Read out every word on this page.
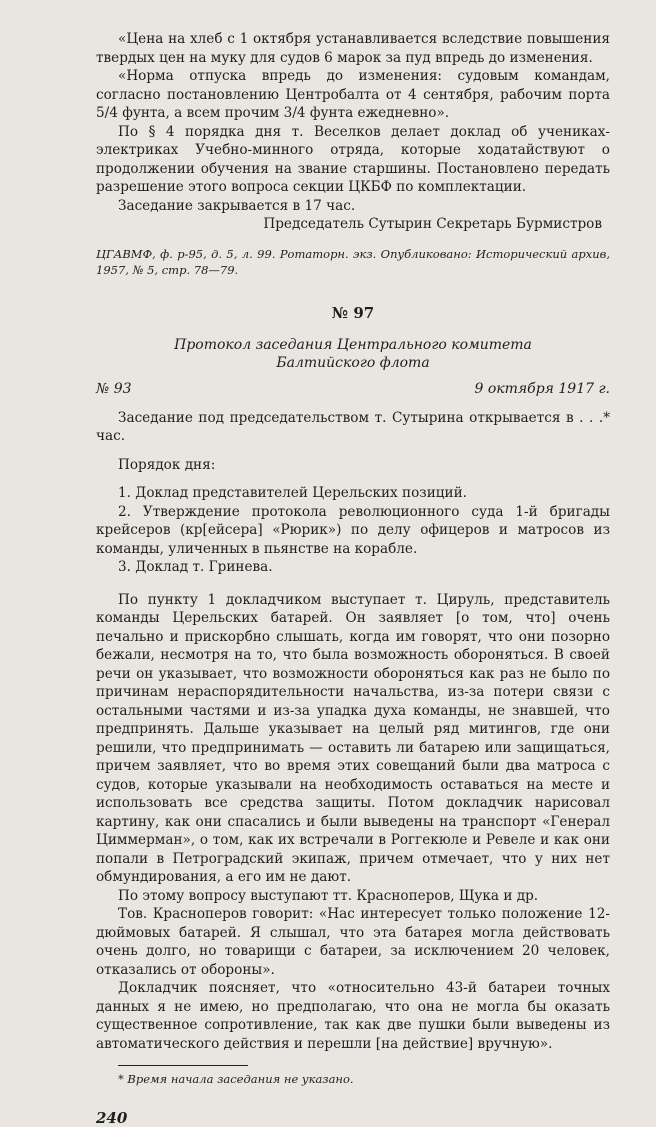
«Цена на хлеб с 1 октября устанавливается вследствие повышения твердых цен на муку для судов 6 марок за пуд впредь до изменения.

«Норма отпуска впредь до изменения: судовым командам, согласно постановлению Центробалта от 4 сентября, рабочим порта 5/4 фунта, а всем прочим 3/4 фунта ежедневно».

По § 4 порядка дня т. Веселков делает доклад об учениках-электриках Учебно-минного отряда, которые ходатайствуют о продолжении обучения на звание старшины. Постановлено передать разрешение этого вопроса секции ЦКБФ по комплектации.

Заседание закрывается в 17 час.

Председатель Сутырин Секретарь Бурмистров

ЦГАВМФ, ф. р-95, д. 5, л. 99. Ротаторн. экз. Опубликовано: Исторический архив, 1957, № 5, стр. 78—79.

№ 97
Протокол заседания Центрального комитета
Балтийского флота
№ 93	9 октября 1917 г.

Заседание под председательством т. Сутырина открывается в . . .* час.

Порядок дня:

1. Доклад представителей Церельских позиций.

2. Утверждение протокола революционного суда 1-й бригады крейсеров (кр[ейсера] «Рюрик») по делу офицеров и матросов из команды, уличенных в пьянстве на корабле.

3. Доклад т. Гринева.

По пункту 1 докладчиком выступает т. Цируль, представитель команды Церельских батарей. Он заявляет [о том, что] очень печально и прискорбно слышать, когда им говорят, что они позорно бежали, несмотря на то, что была возможность обороняться. В своей речи он указывает, что возможности обороняться как раз не было по причинам нераспорядительности начальства, из-за потери связи с остальными частями и из-за упадка духа команды, не знавшей, что предпринять. Дальше указывает на целый ряд митингов, где они решили, что предпринимать — оставить ли батарею или защищаться, причем заявляет, что во время этих совещаний были два матроса с судов, которые указывали на необходимость оставаться на месте и использовать все средства защиты. Потом докладчик нарисовал картину, как они спасались и были выведены на транспорт «Генерал Циммерман», о том, как их встречали в Роггекюле и Ревеле и как они попали в Петроградский экипаж, причем отмечает, что у них нет обмундирования, а его им не дают.

По этому вопросу выступают тт. Красноперов, Щука и др.

Тов. Красноперов говорит: «Нас интересует только положение 12-дюймовых батарей. Я слышал, что эта батарея могла действовать очень долго, но товарищи с батареи, за исключением 20 человек, отказались от обороны».

Докладчик поясняет, что «относительно 43-й батареи точных данных я не имею, но предполагаю, что она не могла бы оказать существенное сопротивление, так как две пушки были выведены из автоматического действия и перешли [на действие] вручную».

* Время начала заседания не указано.
240
